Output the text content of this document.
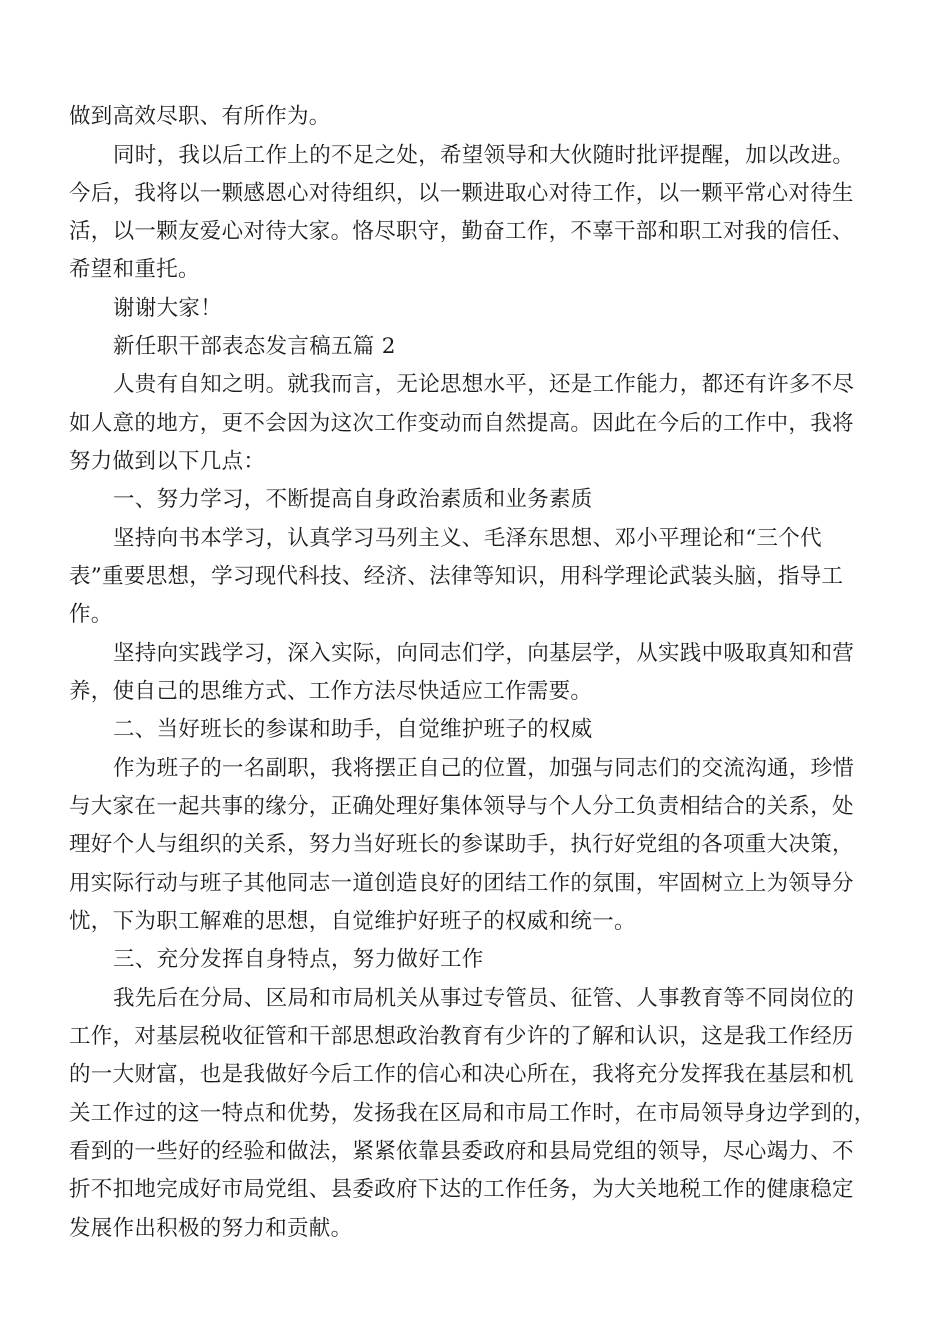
做到高效尽职、有所作为。
同时，我以后工作上的不足之处，希望领导和大伙随时批评提醒，加以改进。
今后，我将以一颗感恩心对待组织，以一颗进取心对待工作，以一颗平常心对待生
活，以一颗友爱心对待大家。恪尽职守，勤奋工作，不辜干部和职工对我的信任、
希望和重托。
谢谢大家！
新任职干部表态发言稿五篇 2
人贵有自知之明。就我而言，无论思想水平，还是工作能力，都还有许多不尽
如人意的地方，更不会因为这次工作变动而自然提高。因此在今后的工作中，我将
努力做到以下几点：
一、努力学习，不断提高自身政治素质和业务素质
坚持向书本学习，认真学习马列主义、毛泽东思想、邓小平理论和“三个代
表”重要思想，学习现代科技、经济、法律等知识，用科学理论武装头脑，指导工
作。
坚持向实践学习，深入实际，向同志们学，向基层学，从实践中吸取真知和营
养，使自己的思维方式、工作方法尽快适应工作需要。
二、当好班长的参谋和助手，自觉维护班子的权威
作为班子的一名副职，我将摆正自己的位置，加强与同志们的交流沟通，珍惜
与大家在一起共事的缘分，正确处理好集体领导与个人分工负责相结合的关系，处
理好个人与组织的关系，努力当好班长的参谋助手，执行好党组的各项重大决策，
用实际行动与班子其他同志一道创造良好的团结工作的氛围，牢固树立上为领导分
忧，下为职工解难的思想，自觉维护好班子的权威和统一。
三、充分发挥自身特点，努力做好工作
我先后在分局、区局和市局机关从事过专管员、征管、人事教育等不同岗位的
工作，对基层税收征管和干部思想政治教育有少许的了解和认识，这是我工作经历
的一大财富，也是我做好今后工作的信心和决心所在，我将充分发挥我在基层和机
关工作过的这一特点和优势，发扬我在区局和市局工作时，在市局领导身边学到的，
看到的一些好的经验和做法，紧紧依靠县委政府和县局党组的领导，尽心竭力、不
折不扣地完成好市局党组、县委政府下达的工作任务，为大关地税工作的健康稳定
发展作出积极的努力和贡献。
